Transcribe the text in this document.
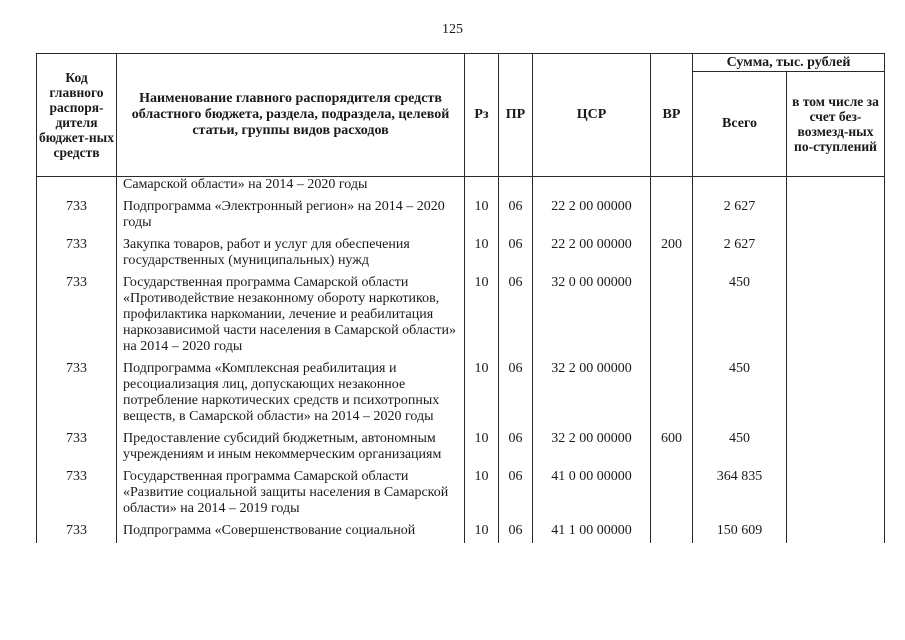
125
Код главного распоря-дителя бюджет-ных средств	Наименование главного распорядителя средств областного бюджета, раздела, подраздела, целевой статьи, группы видов расходов	Рз	ПР	ЦСР	ВР	Сумма, тыс. рублей	
						Всего	в том числе за счет без-возмезд-ных по-ступлений
	Самарской области» на 2014 – 2020 годы						
733	Подпрограмма «Электронный регион» на 2014 – 2020 годы	10	06	22 2 00 00000		2 627	
733	Закупка товаров, работ и услуг для обеспечения государственных (муниципальных) нужд	10	06	22 2 00 00000	200	2 627	
733	Государственная программа Самарской области «Противодействие незаконному обороту наркотиков, профилактика наркомании, лечение и реабилитация наркозависимой части населения в Самарской области» на 2014 – 2020 годы	10	06	32 0 00 00000		450	
733	Подпрограмма «Комплексная реабилитация и ресоциализация лиц, допускающих незаконное потребление наркотических средств и психотропных веществ, в Самарской области» на 2014 – 2020 годы	10	06	32 2 00 00000		450	
733	Предоставление субсидий бюджетным, автономным учреждениям и иным некоммерческим организациям	10	06	32 2 00 00000	600	450	
733	Государственная программа Самарской области «Развитие социальной защиты населения в Самарской области» на 2014 – 2019 годы	10	06	41 0 00 00000		364 835	
733	Подпрограмма «Совершенствование социальной	10	06	41 1 00 00000		150 609	
